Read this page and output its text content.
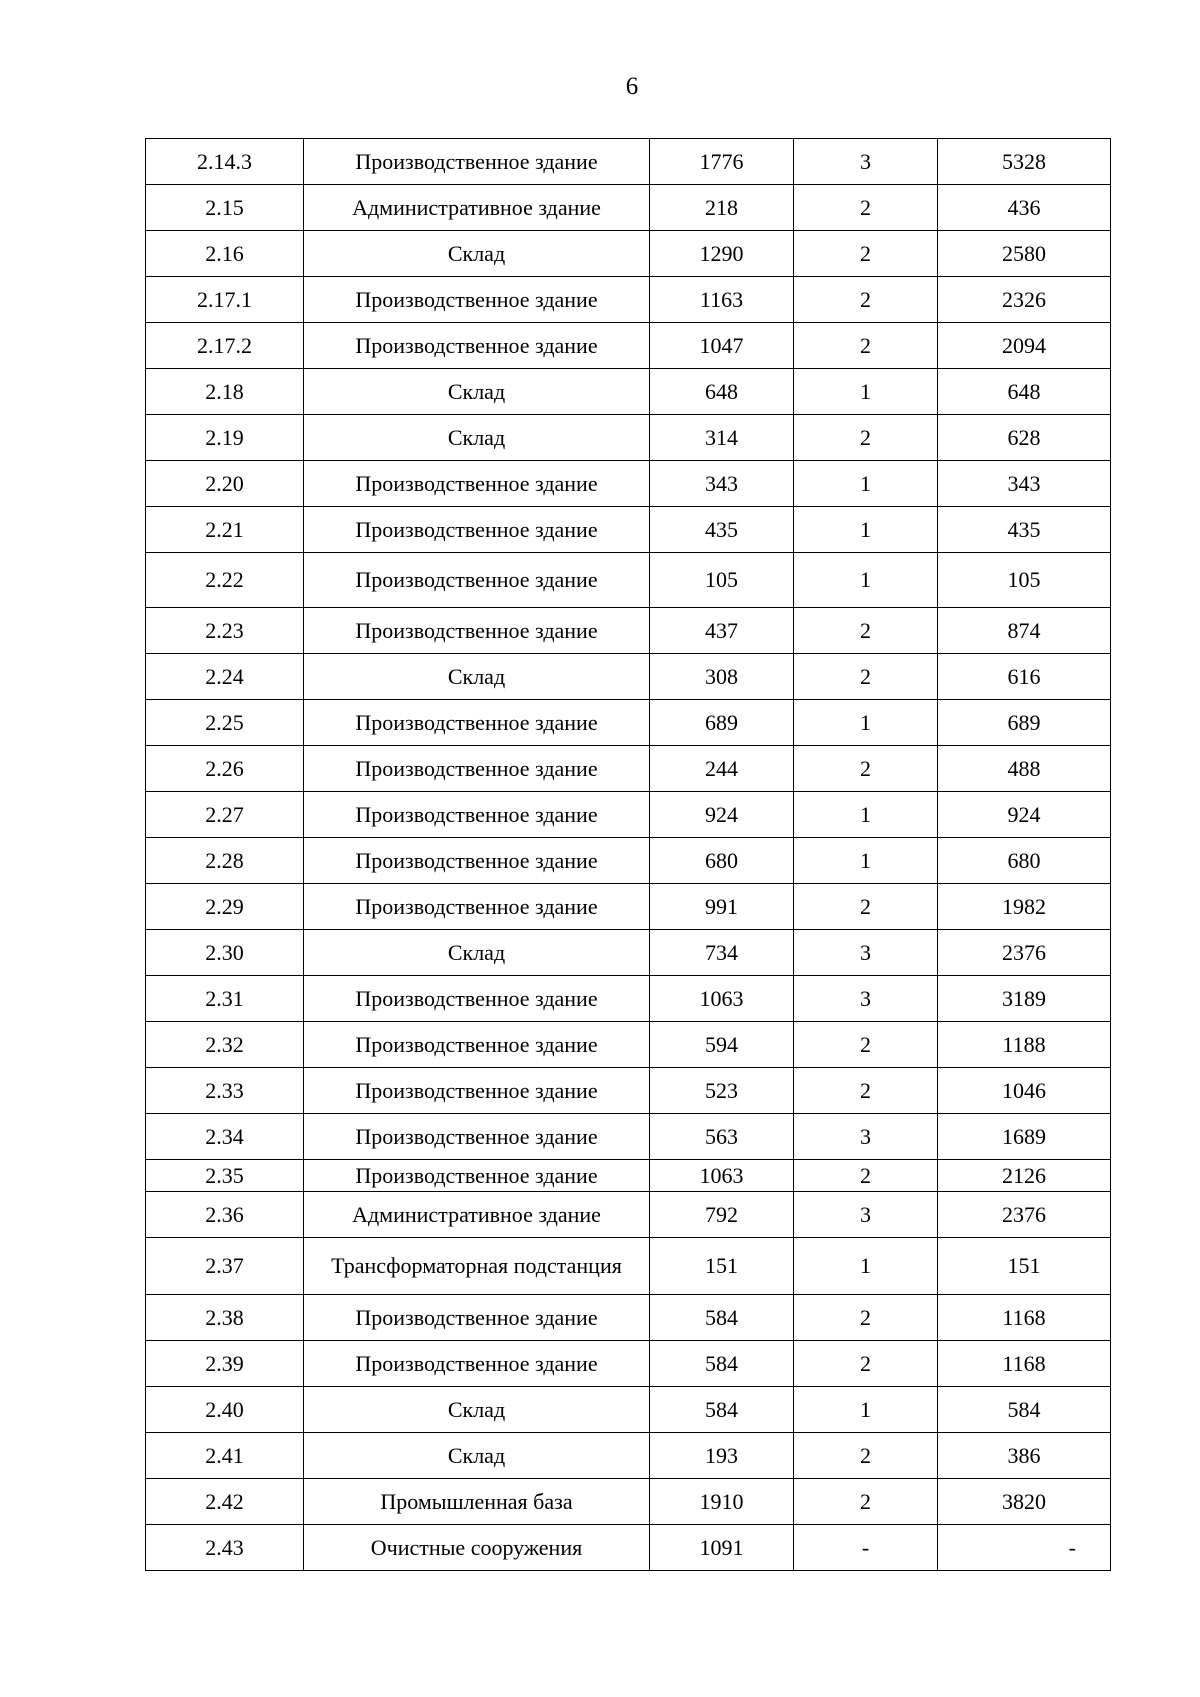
6
2.14.3	Производственное здание	1776	3	5328
2.15	Административное здание	218	2	436
2.16	Склад	1290	2	2580
2.17.1	Производственное здание	1163	2	2326
2.17.2	Производственное здание	1047	2	2094
2.18	Склад	648	1	648
2.19	Склад	314	2	628
2.20	Производственное здание	343	1	343
2.21	Производственное здание	435	1	435
2.22	Производственное здание	105	1	105
2.23	Производственное здание	437	2	874
2.24	Склад	308	2	616
2.25	Производственное здание	689	1	689
2.26	Производственное здание	244	2	488
2.27	Производственное здание	924	1	924
2.28	Производственное здание	680	1	680
2.29	Производственное здание	991	2	1982
2.30	Склад	734	3	2376
2.31	Производственное здание	1063	3	3189
2.32	Производственное здание	594	2	1188
2.33	Производственное здание	523	2	1046
2.34	Производственное здание	563	3	1689
2.35	Производственное здание	1063	2	2126
2.36	Административное здание	792	3	2376
2.37	Трансформаторная подстанция	151	1	151
2.38	Производственное здание	584	2	1168
2.39	Производственное здание	584	2	1168
2.40	Склад	584	1	584
2.41	Склад	193	2	386
2.42	Промышленная база	1910	2	3820
2.43	Очистные сооружения	1091	-	-
